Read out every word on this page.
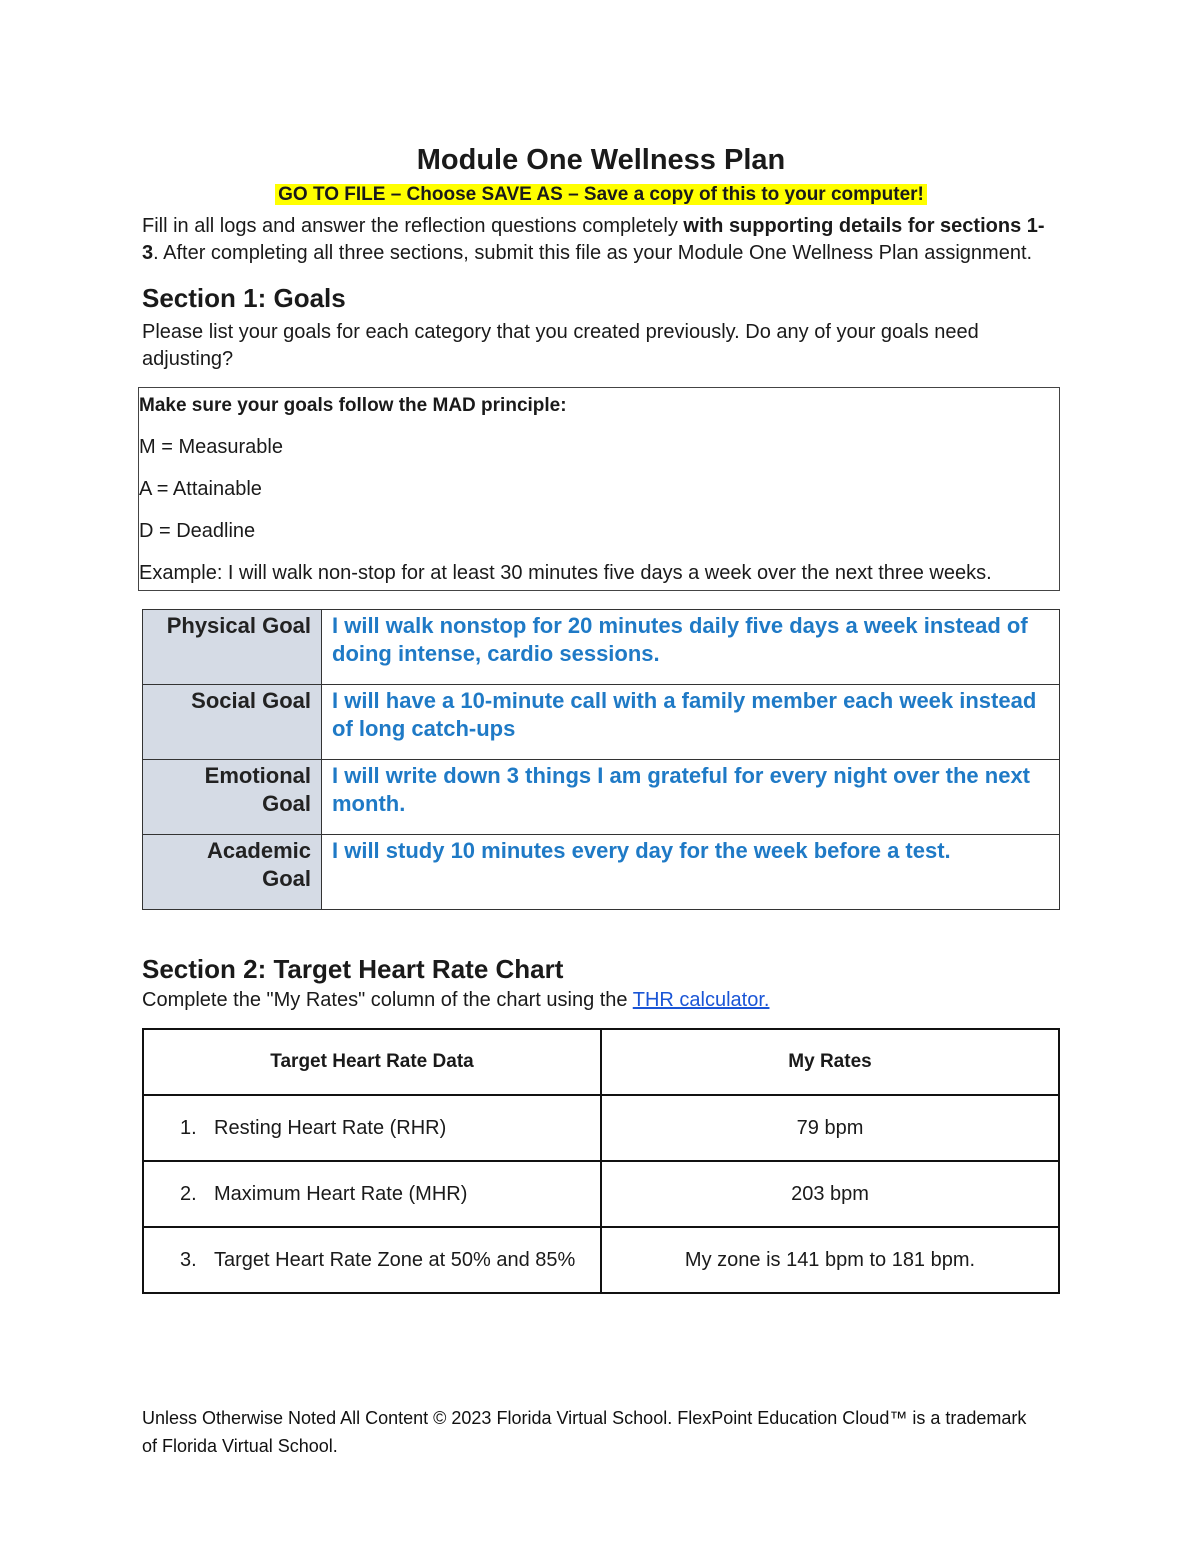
Module One Wellness Plan
GO TO FILE – Choose SAVE AS – Save a copy of this to your computer!

Fill in all logs and answer the reflection questions completely with supporting details for sections 1-3. After completing all three sections, submit this file as your Module One Wellness Plan assignment.

Section 1: Goals

Please list your goals for each category that you created previously. Do any of your goals need adjusting?

Make sure your goals follow the MAD principle:
M = Measurable
A = Attainable
D = Deadline
Example: I will walk non-stop for at least 30 minutes five days a week over the next three weeks.
Physical Goal	I will walk nonstop for 20 minutes daily five days a week instead of doing intense, cardio sessions.
Social Goal	I will have a 10-minute call with a family member each week instead of long catch-ups
Emotional Goal	I will write down 3 things I am grateful for every night over the next month.
Academic Goal	I will study 10 minutes every day for the week before a test.
Section 2: Target Heart Rate Chart

Complete the "My Rates" column of the chart using the THR calculator.

Target Heart Rate Data	My Rates
1. Resting Heart Rate (RHR)	79 bpm
2. Maximum Heart Rate (MHR)	203 bpm
3. Target Heart Rate Zone at 50% and 85%	My zone is 141 bpm to 181 bpm.
Unless Otherwise Noted All Content © 2023 Florida Virtual School. FlexPoint Education Cloud™ is a trademark of Florida Virtual School.
